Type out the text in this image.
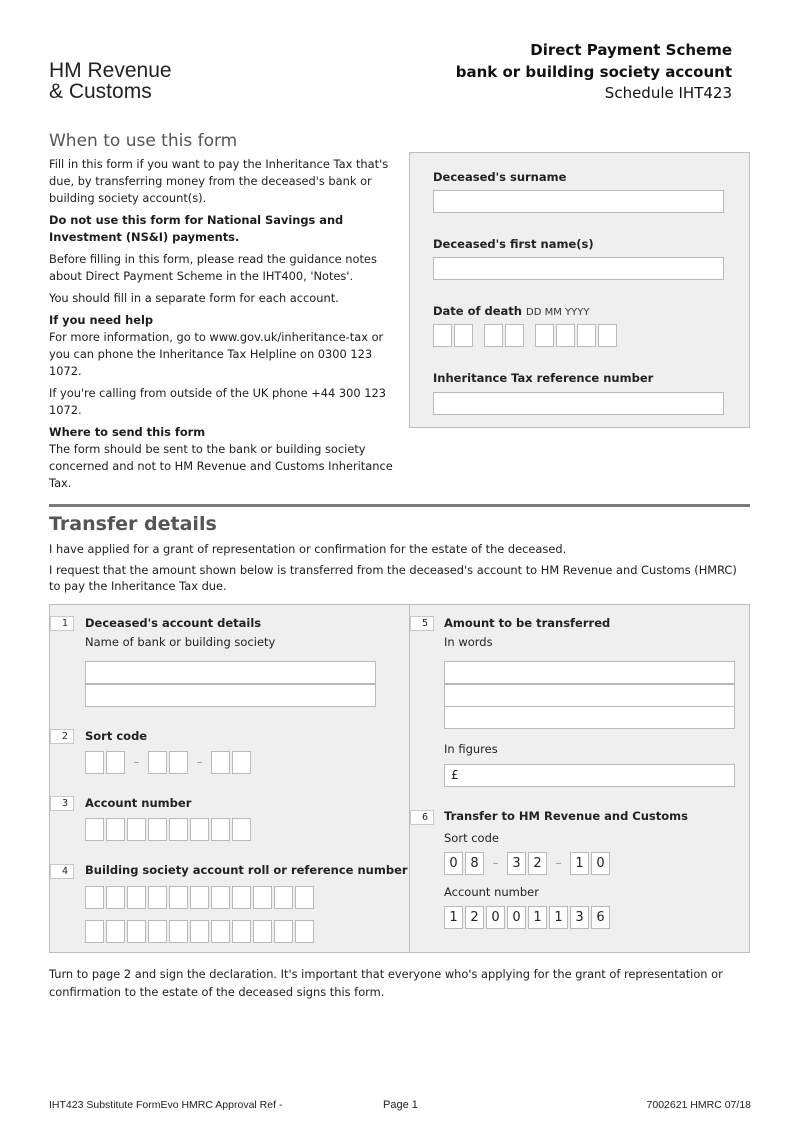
HM Revenue
& Customs
Direct Payment Scheme
bank or building society account
Schedule IHT423
When to use this form

Fill in this form if you want to pay the Inheritance Tax that's due, by transferring money from the deceased's bank or building society account(s).

Do not use this form for National Savings and Investment (NS&I) payments.

Before filling in this form, please read the guidance notes about Direct Payment Scheme in the IHT400, 'Notes'.

You should fill in a separate form for each account.

If you need help
For more information, go to www.gov.uk/inheritance-tax or you can phone the Inheritance Tax Helpline on 0300 123 1072.

If you're calling from outside of the UK phone +44 300 123 1072.

Where to send this form
The form should be sent to the bank or building society concerned and not to HM Revenue and Customs Inheritance Tax.
Deceased's surname
Deceased's first name(s)
Date of death DD MM YYYY
Inheritance Tax reference number
Transfer details

I have applied for a grant of representation or confirmation for the estate of the deceased.

I request that the amount shown below is transferred from the deceased's account to HM Revenue and Customs (HMRC) to pay the Inheritance Tax due.

1	Deceased's account details
Name of bank or building society
2	Sort code
–	–
3	Account number
4	Building society account roll or reference number
5	Amount to be transferred
In words
In figures
£
6	Transfer to HM Revenue and Customs
Sort code
0 8	–	3 2	–	1 0
Account number
1 2 0 0 1 1 3 6
Turn to page 2 and sign the declaration. It's important that everyone who's applying for the grant of representation or confirmation to the estate of the deceased signs this form.
IHT423 Substitute FormEvo HMRC Approval Ref -	Page 1	7002621 HMRC 07/18
